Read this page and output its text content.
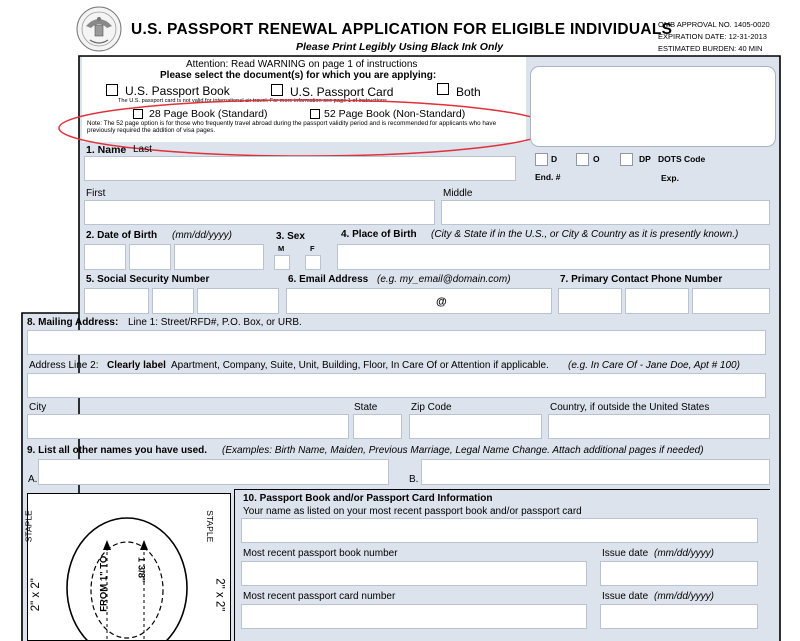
U.S. PASSPORT RENEWAL APPLICATION FOR ELIGIBLE INDIVIDUALS
Please Print Legibly Using Black Ink Only
OMB APPROVAL NO. 1405-0020
EXPIRATION DATE: 12-31-2013
ESTIMATED BURDEN: 40 MIN
Attention: Read WARNING on page 1 of instructions
Please select the document(s) for which you are applying:
U.S. Passport Book	U.S. Passport Card	Both
The U.S. passport card is not valid for international air travel. For more information see page 1 of instructions.
28 Page Book (Standard)	52 Page Book (Non-Standard)
Note: The 52 page option is for those who frequently travel abroad during the passport validity period and is recommended for applicants who have previously required the addition of visa pages.
D	O	DP DOTS Code
End. #	Exp.
1. Name Last
First	Middle
2. Date of Birth (mm/dd/yyyy)	3. Sex
M	F
4. Place of Birth (City & State if in the U.S., or City & Country as it is presently known.)
5. Social Security Number	6. Email Address (e.g. my_email@domain.com)
@
7. Primary Contact Phone Number
8. Mailing Address: Line 1: Street/RFD#, P.O. Box, or URB.
Address Line 2: Clearly label Apartment, Company, Suite, Unit, Building, Floor, In Care Of or Attention if applicable. (e.g. In Care Of - Jane Doe, Apt # 100)
City	State	Zip Code	Country, if outside the United States
9. List all other names you have used. (Examples: Birth Name, Maiden, Previous Marriage, Legal Name Change. Attach additional pages if needed)
A.	B.
STAPLE	STAPLE
2" x 2"	2" x 2"
FROM 1" TO	1 3/8"
10. Passport Book and/or Passport Card Information
Your name as listed on your most recent passport book and/or passport card
Most recent passport book number	Issue date (mm/dd/yyyy)
Most recent passport card number	Issue date (mm/dd/yyyy)
